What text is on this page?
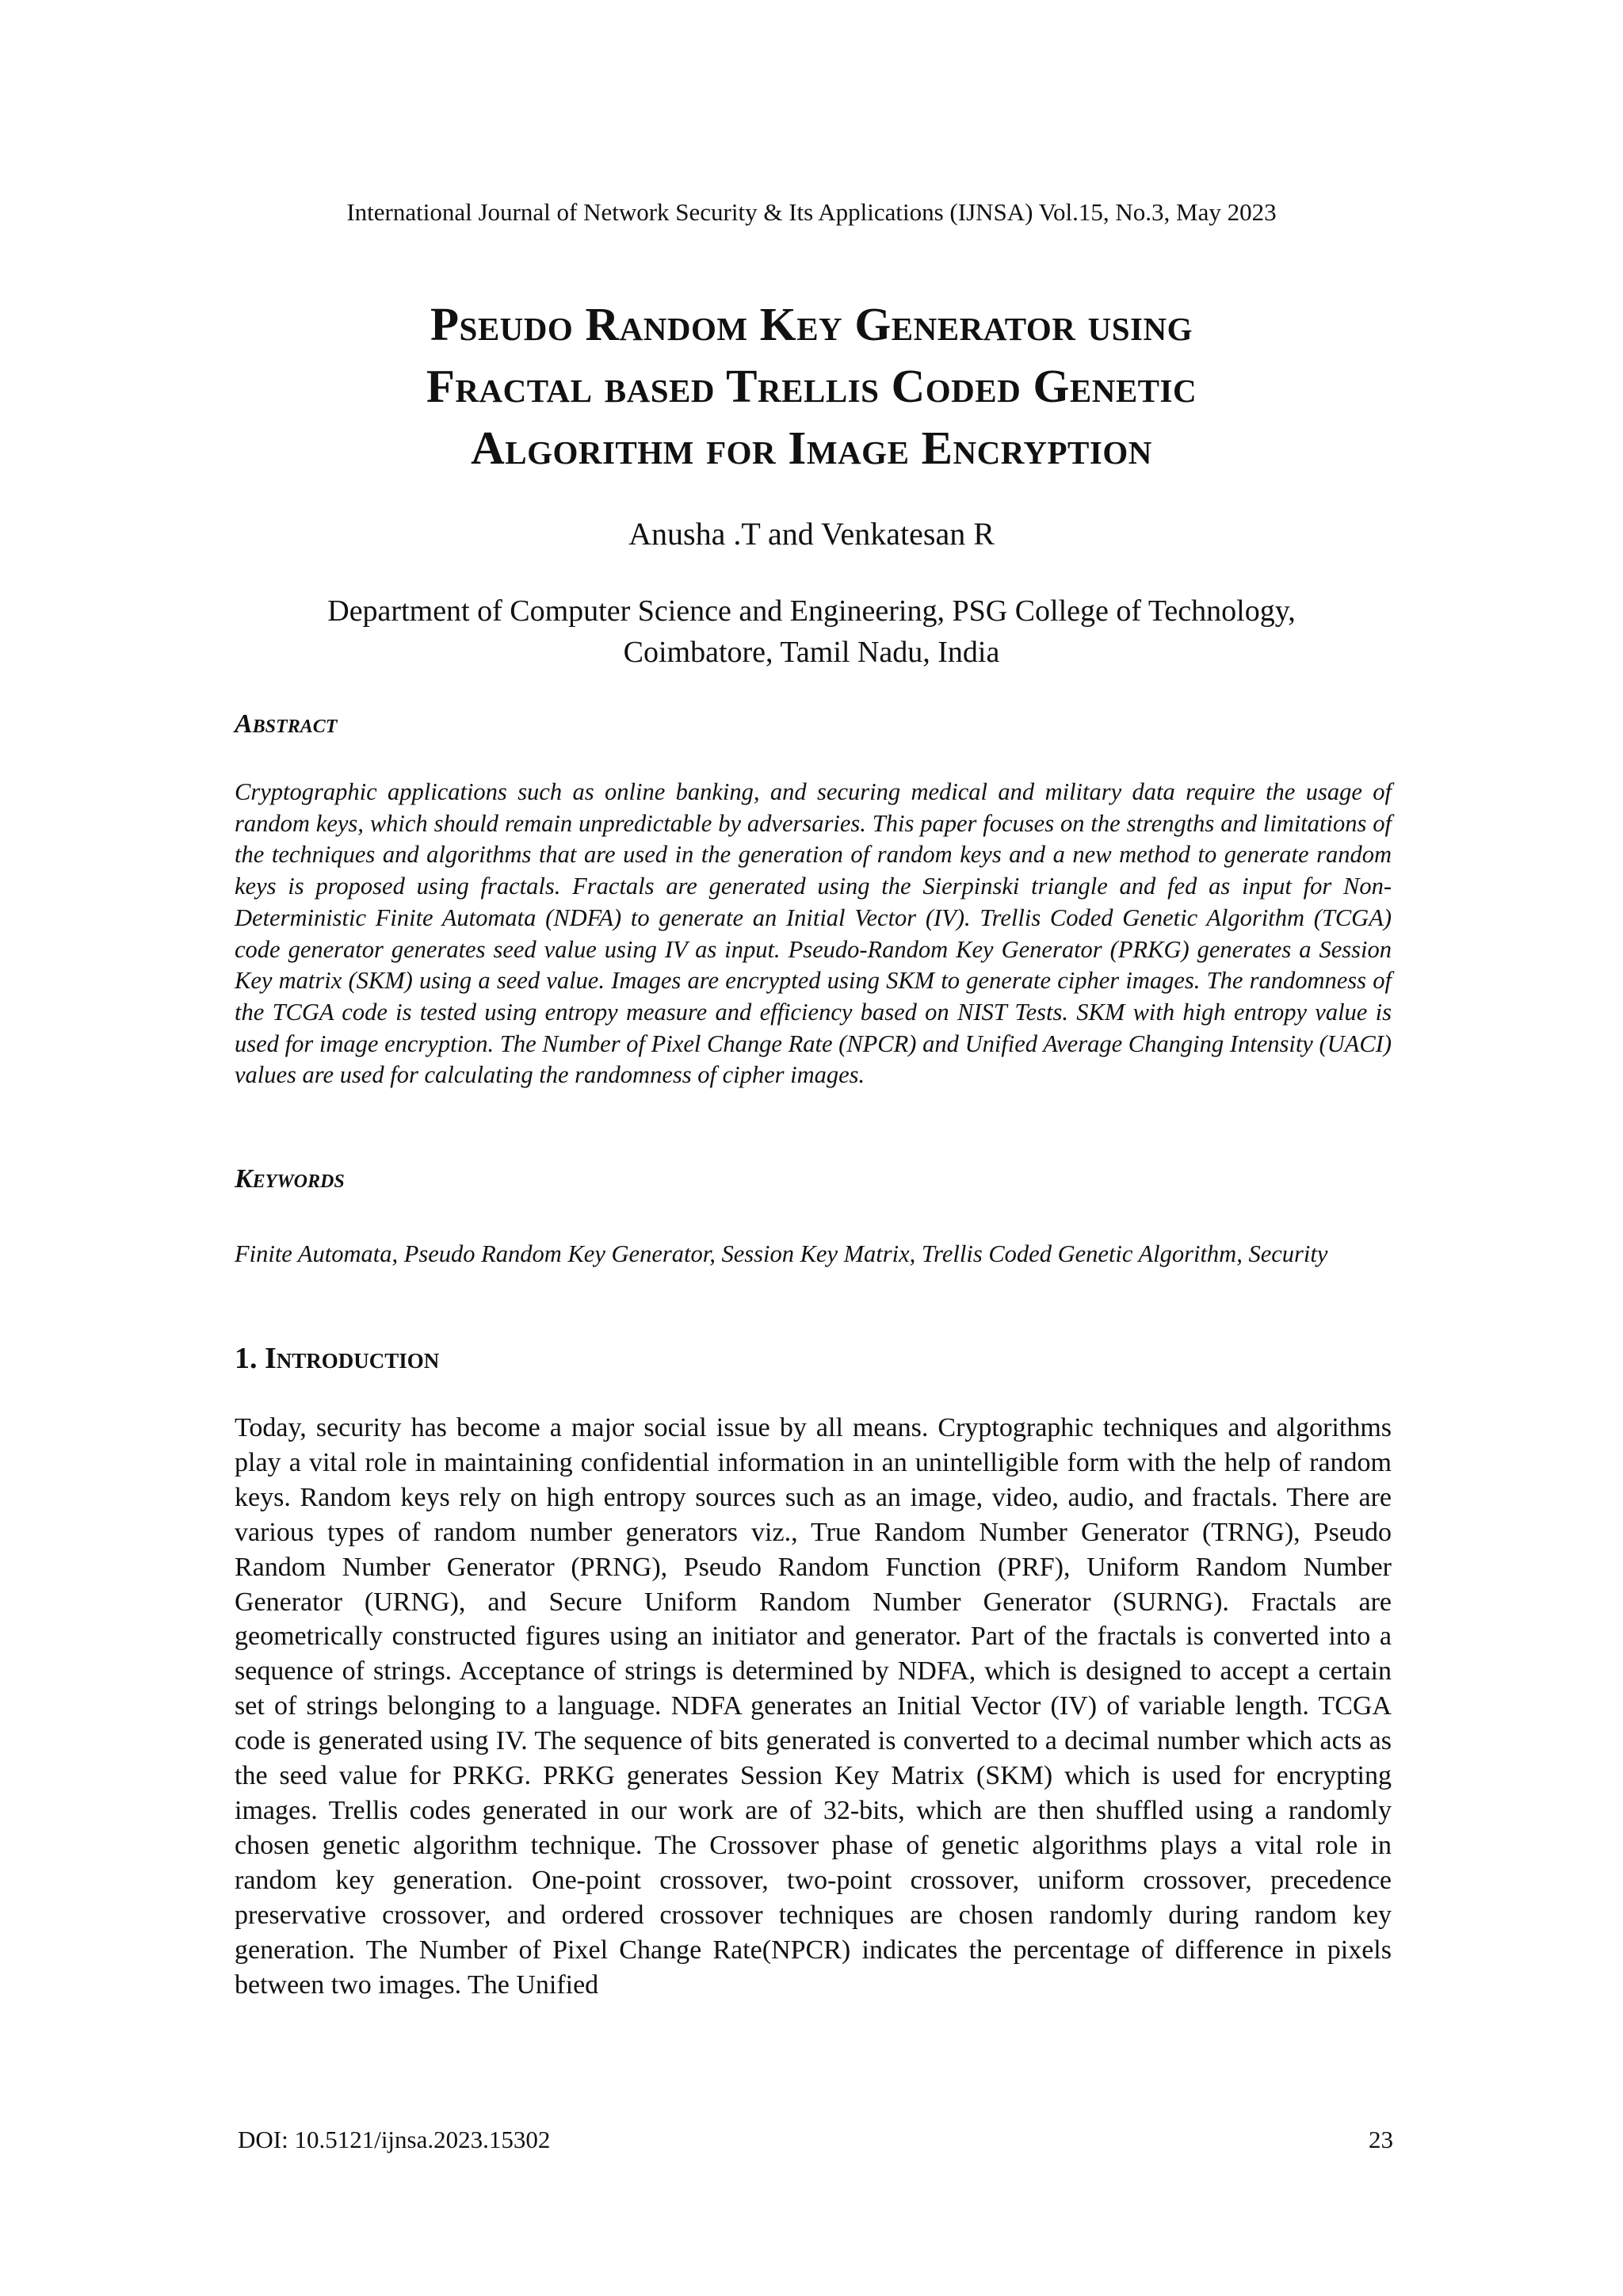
International Journal of Network Security & Its Applications (IJNSA) Vol.15, No.3, May 2023
Pseudo Random Key Generator using
Fractal based Trellis Coded Genetic
Algorithm for Image Encryption
Anusha .T and Venkatesan R
Department of Computer Science and Engineering, PSG College of Technology,
Coimbatore, Tamil Nadu, India
Abstract
Cryptographic applications such as online banking, and securing medical and military data require the usage of random keys, which should remain unpredictable by adversaries. This paper focuses on the strengths and limitations of the techniques and algorithms that are used in the generation of random keys and a new method to generate random keys is proposed using fractals. Fractals are generated using the Sierpinski triangle and fed as input for Non-Deterministic Finite Automata (NDFA) to generate an Initial Vector (IV). Trellis Coded Genetic Algorithm (TCGA) code generator generates seed value using IV as input. Pseudo-Random Key Generator (PRKG) generates a Session Key matrix (SKM) using a seed value. Images are encrypted using SKM to generate cipher images. The randomness of the TCGA code is tested using entropy measure and efficiency based on NIST Tests. SKM with high entropy value is used for image encryption. The Number of Pixel Change Rate (NPCR) and Unified Average Changing Intensity (UACI) values are used for calculating the randomness of cipher images.
Keywords
Finite Automata, Pseudo Random Key Generator, Session Key Matrix, Trellis Coded Genetic Algorithm, Security
1. Introduction
Today, security has become a major social issue by all means. Cryptographic techniques and algorithms play a vital role in maintaining confidential information in an unintelligible form with the help of random keys. Random keys rely on high entropy sources such as an image, video, audio, and fractals. There are various types of random number generators viz., True Random Number Generator (TRNG), Pseudo Random Number Generator (PRNG), Pseudo Random Function (PRF), Uniform Random Number Generator (URNG), and Secure Uniform Random Number Generator (SURNG). Fractals are geometrically constructed figures using an initiator and generator. Part of the fractals is converted into a sequence of strings. Acceptance of strings is determined by NDFA, which is designed to accept a certain set of strings belonging to a language. NDFA generates an Initial Vector (IV) of variable length. TCGA code is generated using IV. The sequence of bits generated is converted to a decimal number which acts as the seed value for PRKG. PRKG generates Session Key Matrix (SKM) which is used for encrypting images. Trellis codes generated in our work are of 32-bits, which are then shuffled using a randomly chosen genetic algorithm technique. The Crossover phase of genetic algorithms plays a vital role in random key generation. One-point crossover, two-point crossover, uniform crossover, precedence preservative crossover, and ordered crossover techniques are chosen randomly during random key generation. The Number of Pixel Change Rate(NPCR) indicates the percentage of difference in pixels between two images. The Unified
DOI: 10.5121/ijnsa.2023.15302	23
